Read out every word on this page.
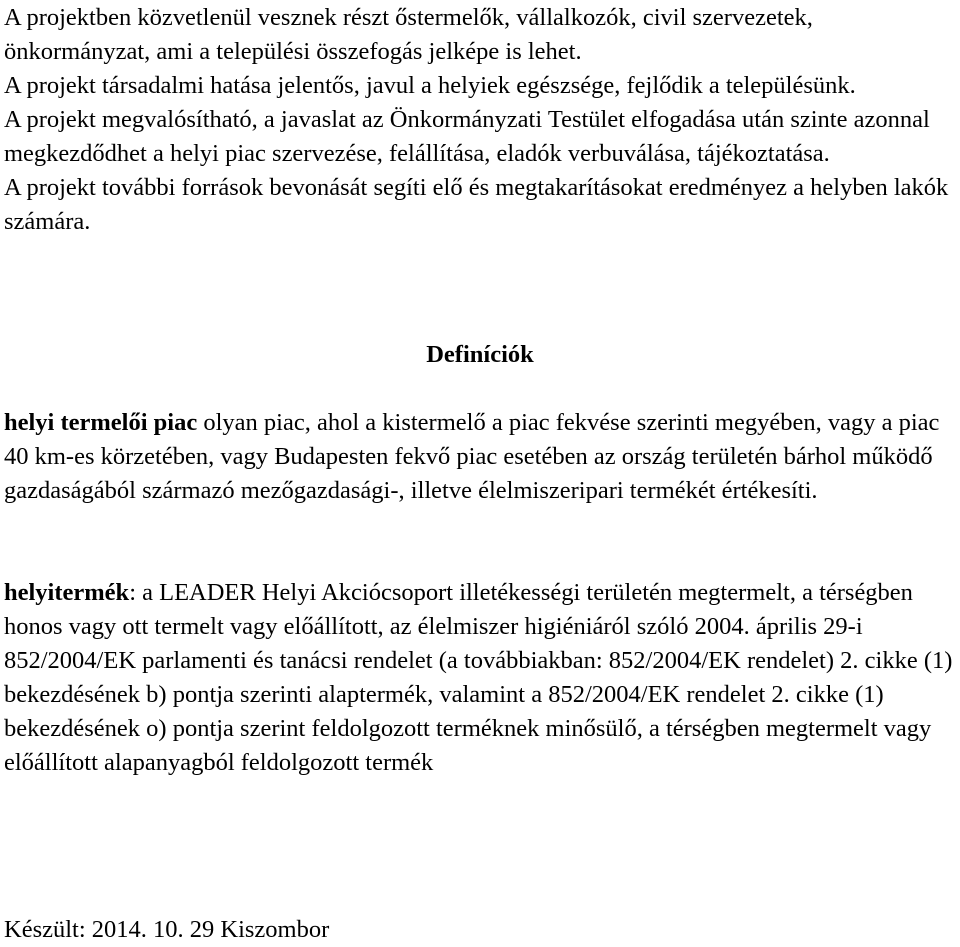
A projektben közvetlenül vesznek részt őstermelők, vállalkozók, civil szervezetek, önkormányzat, ami a települési összefogás jelképe is lehet.

A projekt társadalmi hatása jelentős, javul a helyiek egészsége, fejlődik a településünk.

A projekt megvalósítható, a javaslat az Önkormányzati Testület elfogadása után szinte azonnal megkezdődhet a helyi piac szervezése, felállítása, eladók verbuválása, tájékoztatása.

A projekt további források bevonását segíti elő és megtakarításokat eredményez a helyben lakók számára.

Definíciók

helyi termelői piac olyan piac, ahol a kistermelő a piac fekvése szerinti megyében, vagy a piac 40 km-es körzetében, vagy Budapesten fekvő piac esetében az ország területén bárhol működő gazdaságából származó mezőgazdasági-, illetve élelmiszeripari termékét értékesíti.

helyitermék: a LEADER Helyi Akciócsoport illetékességi területén megtermelt, a térségben honos vagy ott termelt vagy előállított, az élelmiszer higiéniáról szóló 2004. április 29-i 852/2004/EK parlamenti és tanácsi rendelet (a továbbiakban: 852/2004/EK rendelet) 2. cikke (1) bekezdésének b) pontja szerinti alaptermék, valamint a 852/2004/EK rendelet 2. cikke (1) bekezdésének o) pontja szerint feldolgozott terméknek minősülő, a térségben megtermelt vagy előállított alapanyagból feldolgozott termék

Készült: 2014. 10. 29 Kiszombor
